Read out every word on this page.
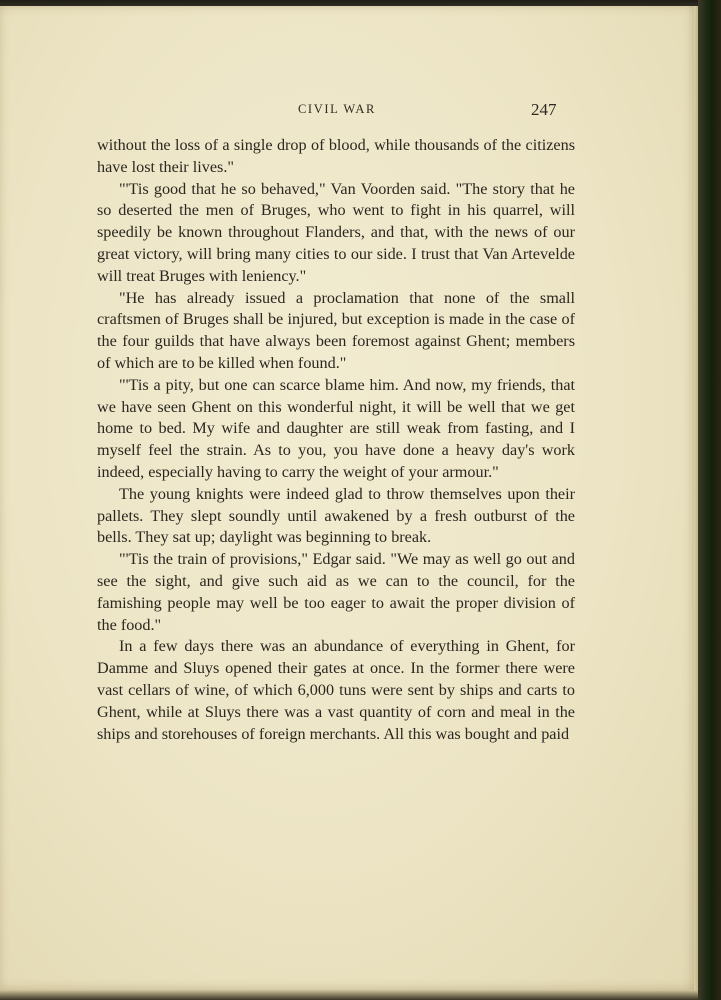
CIVIL WAR	247

without the loss of a single drop of blood, while thousands of the citizens have lost their lives."

"'Tis good that he so behaved," Van Voorden said. "The story that he so deserted the men of Bruges, who went to fight in his quarrel, will speedily be known throughout Flanders, and that, with the news of our great victory, will bring many cities to our side. I trust that Van Artevelde will treat Bruges with leniency."

"He has already issued a proclamation that none of the small craftsmen of Bruges shall be injured, but exception is made in the case of the four guilds that have always been foremost against Ghent; members of which are to be killed when found."

"'Tis a pity, but one can scarce blame him. And now, my friends, that we have seen Ghent on this wonderful night, it will be well that we get home to bed. My wife and daughter are still weak from fasting, and I myself feel the strain. As to you, you have done a heavy day's work indeed, especially having to carry the weight of your armour."

The young knights were indeed glad to throw themselves upon their pallets. They slept soundly until awakened by a fresh outburst of the bells. They sat up; daylight was beginning to break.

"'Tis the train of provisions," Edgar said. "We may as well go out and see the sight, and give such aid as we can to the council, for the famishing people may well be too eager to await the proper division of the food."

In a few days there was an abundance of everything in Ghent, for Damme and Sluys opened their gates at once. In the former there were vast cellars of wine, of which 6,000 tuns were sent by ships and carts to Ghent, while at Sluys there was a vast quantity of corn and meal in the ships and storehouses of foreign merchants. All this was bought and paid
